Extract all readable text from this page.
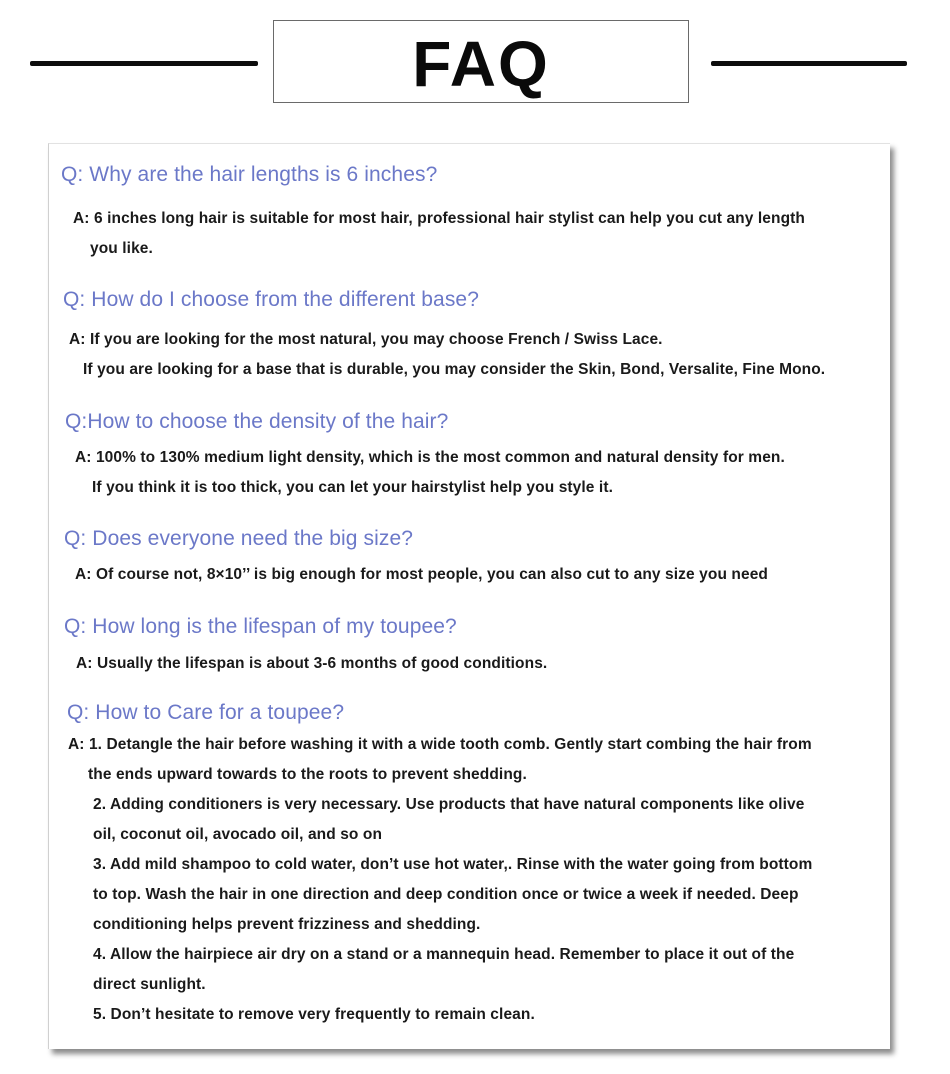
FAQ
Q: Why are the hair lengths is 6 inches?
A: 6 inches long hair is suitable for most hair, professional hair stylist can help you cut any length
you like.
Q: How do I choose from the different base?
A: If you are looking for the most natural, you may choose French / Swiss Lace.
If you are looking for a base that is durable, you may consider the Skin, Bond, Versalite, Fine Mono.
Q:How to choose the density of the hair?
A: 100% to 130% medium light density, which is the most common and natural density for men.
If you think it is too thick, you can let your hairstylist help you style it.
Q: Does everyone need the big size?
A: Of course not, 8×10’’ is big enough for most people, you can also cut to any size you need
Q: How long is the lifespan of my toupee?
A: Usually the lifespan is about 3-6 months of good conditions.
Q: How to Care for a toupee?
A: 1. Detangle the hair before washing it with a wide tooth comb. Gently start combing the hair from
the ends upward towards to the roots to prevent shedding.
2. Adding conditioners is very necessary. Use products that have natural components like olive
oil, coconut oil, avocado oil, and so on
3. Add mild shampoo to cold water, don’t use hot water,. Rinse with the water going from bottom
to top. Wash the hair in one direction and deep condition once or twice a week if needed. Deep
conditioning helps prevent frizziness and shedding.
4. Allow the hairpiece air dry on a stand or a mannequin head. Remember to place it out of the
direct sunlight.
5. Don’t hesitate to remove very frequently to remain clean.
